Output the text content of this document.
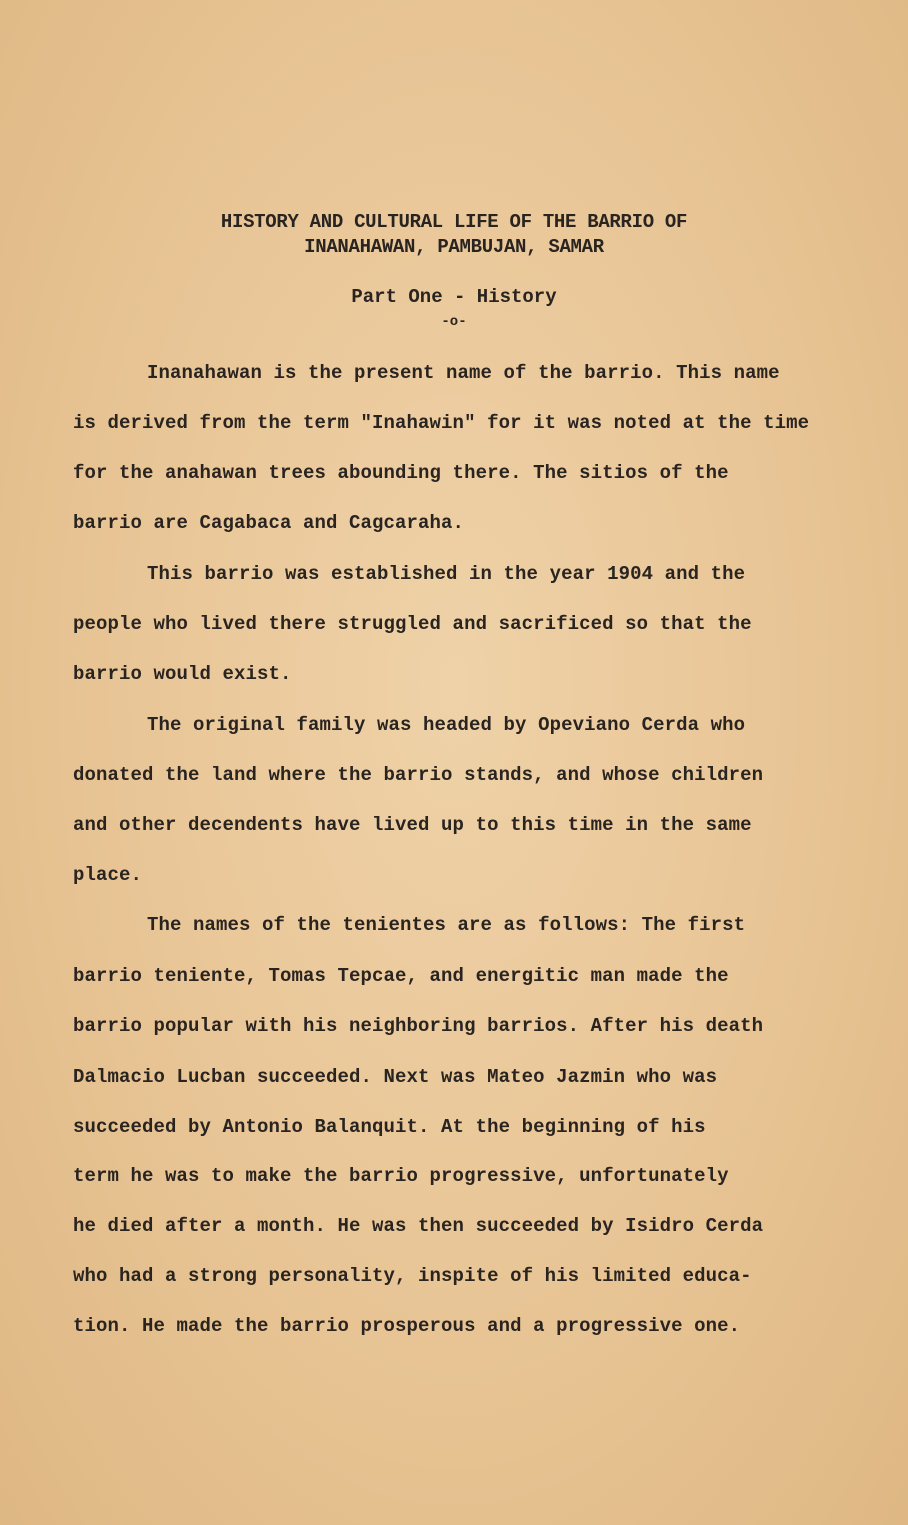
HISTORY AND CULTURAL LIFE OF THE BARRIO OF
INANAHAWAN, PAMBUJAN, SAMAR
Part One - History
-o-
Inanahawan is the present name of the barrio. This name
is derived from the term "Inahawin" for it was noted at the time
for the anahawan trees abounding there. The sitios of the
barrio are Cagabaca and Cagcaraha.
This barrio was established in the year 1904 and the
people who lived there struggled and sacrificed so that the
barrio would exist.
The original family was headed by Opeviano Cerda who
donated the land where the barrio stands, and whose children
and other decendents have lived up to this time in the same
place.
The names of the tenientes are as follows: The first
barrio teniente, Tomas Tepcae, and energitic man made the
barrio popular with his neighboring barrios. After his death
Dalmacio Lucban succeeded. Next was Mateo Jazmin who was
succeeded by Antonio Balanquit. At the beginning of his
term he was to make the barrio progressive, unfortunately
he died after a month. He was then succeeded by Isidro Cerda
who had a strong personality, inspite of his limited educa-
tion. He made the barrio prosperous and a progressive one.
